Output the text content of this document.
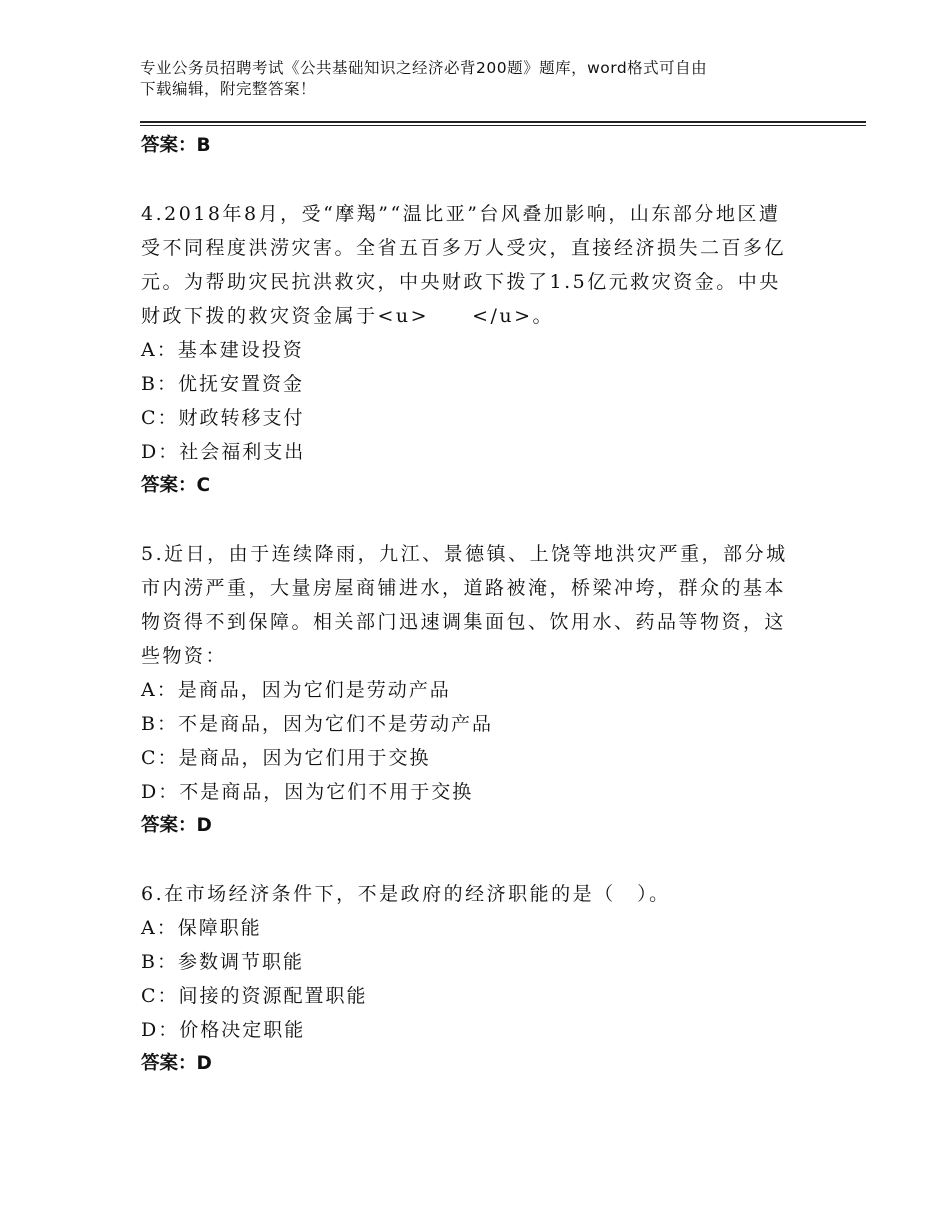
专业公务员招聘考试《公共基础知识之经济必背200题》题库，word格式可自由
下载编辑，附完整答案！
答案：B
4.2018年8月，受“摩羯”“温比亚”台风叠加影响，山东部分地区遭受不同程度洪涝灾害。全省五百多万人受灾，直接经济损失二百多亿元。为帮助灾民抗洪救灾，中央财政下拨了1.5亿元救灾资金。中央财政下拨的救灾资金属于<u>　　</u>。
A：基本建设投资
B：优抚安置资金
C：财政转移支付
D：社会福利支出
答案：C
5.近日，由于连续降雨，九江、景德镇、上饶等地洪灾严重，部分城市内涝严重，大量房屋商铺进水，道路被淹，桥梁冲垮，群众的基本物资得不到保障。相关部门迅速调集面包、饮用水、药品等物资，这些物资：
A：是商品，因为它们是劳动产品
B：不是商品，因为它们不是劳动产品
C：是商品，因为它们用于交换
D：不是商品，因为它们不用于交换
答案：D
6.在市场经济条件下，不是政府的经济职能的是（　）。
A：保障职能
B：参数调节职能
C：间接的资源配置职能
D：价格决定职能
答案：D
